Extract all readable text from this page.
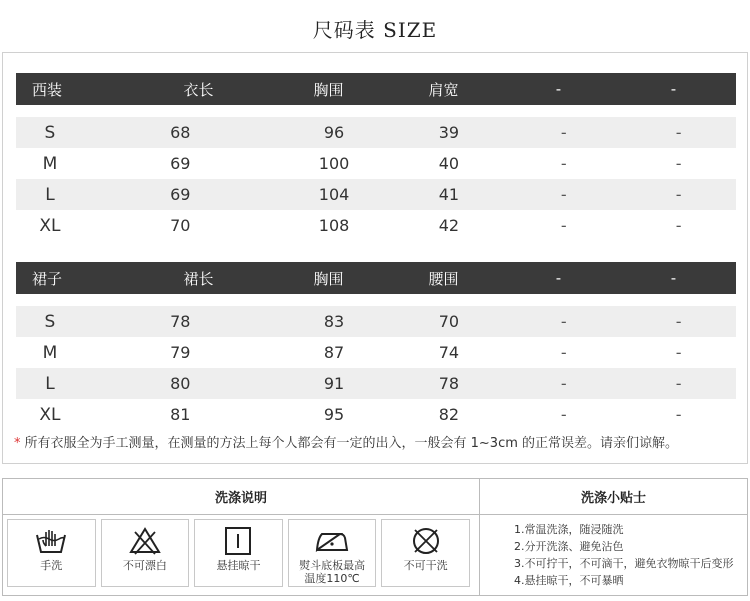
尺码表 SIZE
西装	衣长	胸围	肩宽	-	-
S	68	96	39	-	-
M	69	100	40	-	-
L	69	104	41	-	-
XL	70	108	42	-	-
裙子	裙长	胸围	腰围	-	-
S	78	83	70	-	-
M	79	87	74	-	-
L	80	91	78	-	-
XL	81	95	82	-	-
* 所有衣服全为手工测量，在测量的方法上每个人都会有一定的出入，一般会有 1~3cm 的正常误差。请亲们谅解。
洗涤说明
手洗	不可漂白	悬挂晾干	熨斗底板最高
温度110℃
不可干洗
洗涤小贴士
1.常温洗涤，随浸随洗
2.分开洗涤、避免沾色
3.不可拧干，不可滴干，避免衣物晾干后变形
4.悬挂晾干，不可暴晒
